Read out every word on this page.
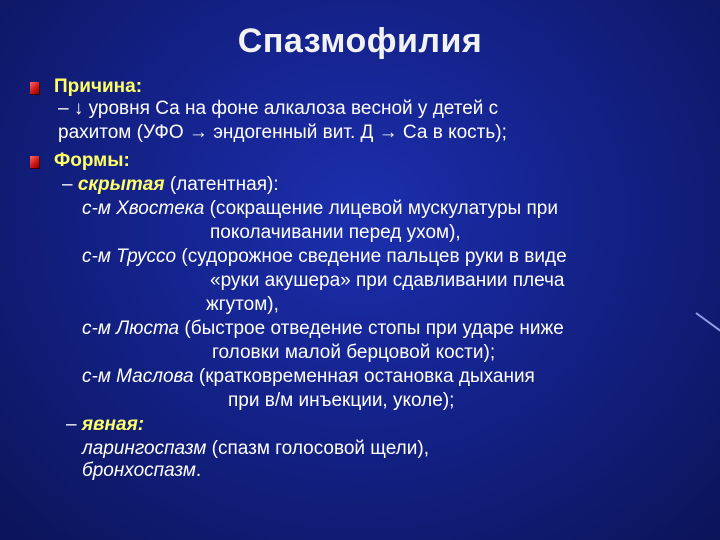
Спазмофилия
Причина:
– ↓ уровня Са на фоне алкалоза весной у детей с
рахитом (УФО → эндогенный вит. Д → Са в кость);
Формы:
– скрытая (латентная):
с-м Хвостека (сокращение лицевой мускулатуры при
поколачивании перед ухом),
с-м Труссо (судорожное сведение пальцев руки в виде
«руки акушера» при сдавливании плеча
жгутом),
с-м Люста (быстрое отведение стопы при ударе ниже
головки малой берцовой кости);
с-м Маслова (кратковременная остановка дыхания
при в/м инъекции, уколе);
– явная:
ларингоспазм (спазм голосовой щели),
бронхоспазм.
